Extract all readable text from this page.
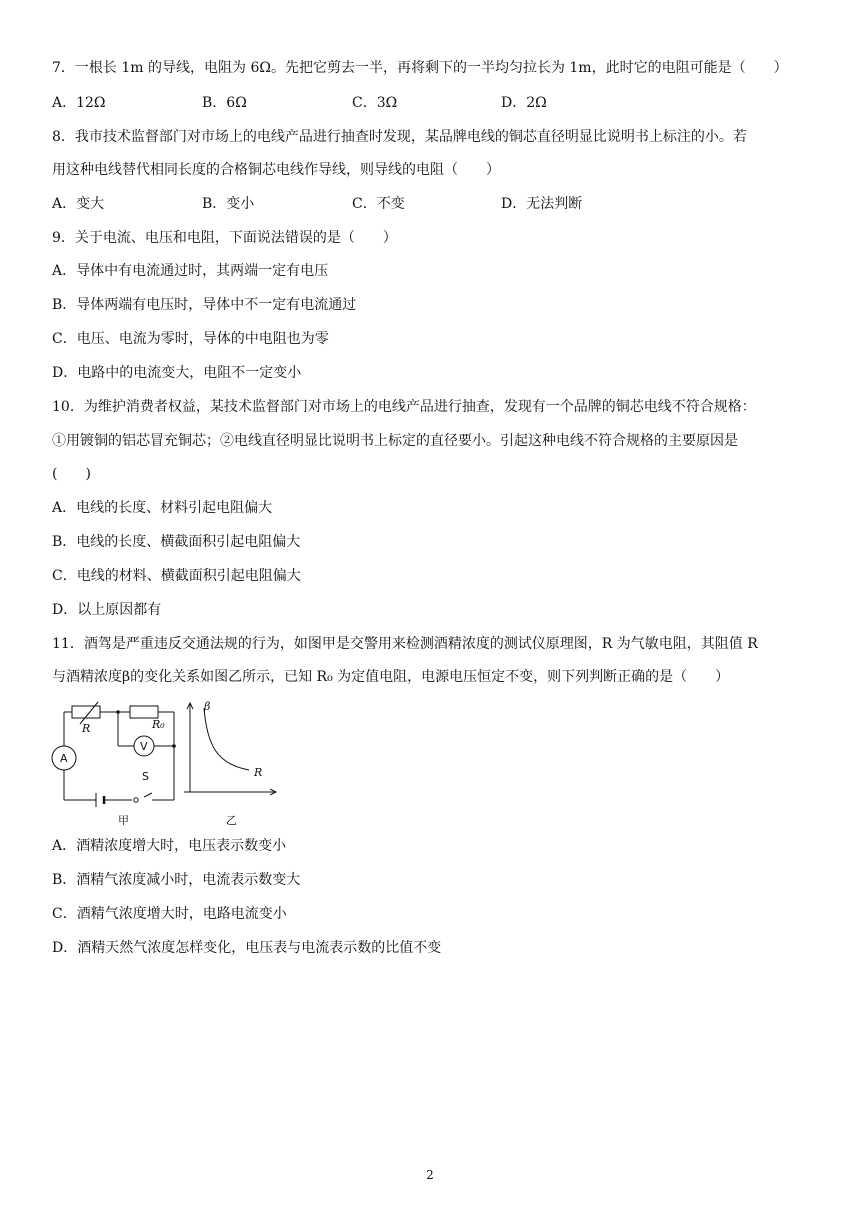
7．一根长 1m 的导线，电阻为 6Ω。先把它剪去一半，再将剩下的一半均匀拉长为 1m，此时它的电阻可能是（　　）
A．12Ω	B．6Ω	C．3Ω	D．2Ω
8．我市技术监督部门对市场上的电线产品进行抽查时发现，某品牌电线的铜芯直径明显比说明书上标注的小。若
用这种电线替代相同长度的合格铜芯电线作导线，则导线的电阻（　　）
A．变大	B．变小	C．不变	D．无法判断
9．关于电流、电压和电阻，下面说法错误的是（　　）
A．导体中有电流通过时，其两端一定有电压
B．导体两端有电压时，导体中不一定有电流通过
C．电压、电流为零时，导体的中电阻也为零
D．电路中的电流变大，电阻不一定变小
10．为维护消费者权益，某技术监督部门对市场上的电线产品进行抽查，发现有一个品牌的铜芯电线不符合规格：
①用镀铜的铝芯冒充铜芯；②电线直径明显比说明书上标定的直径要小。引起这种电线不符合规格的主要原因是
(　　)
A．电线的长度、材料引起电阻偏大
B．电线的长度、横截面积引起电阻偏大
C．电线的材料、横截面积引起电阻偏大
D．以上原因都有
11．酒驾是严重违反交通法规的行为，如图甲是交警用来检测酒精浓度的测试仪原理图，R 为气敏电阻，其阻值 R
与酒精浓度β的变化关系如图乙所示，已知 R₀ 为定值电阻，电源电压恒定不变，则下列判断正确的是（　　）
R	R₀
A
V
S
甲
β
R
乙
A．酒精浓度增大时，电压表示数变小
B．酒精气浓度减小时，电流表示数变大
C．酒精气浓度增大时，电路电流变小
D．酒精天然气浓度怎样变化，电压表与电流表示数的比值不变
2
